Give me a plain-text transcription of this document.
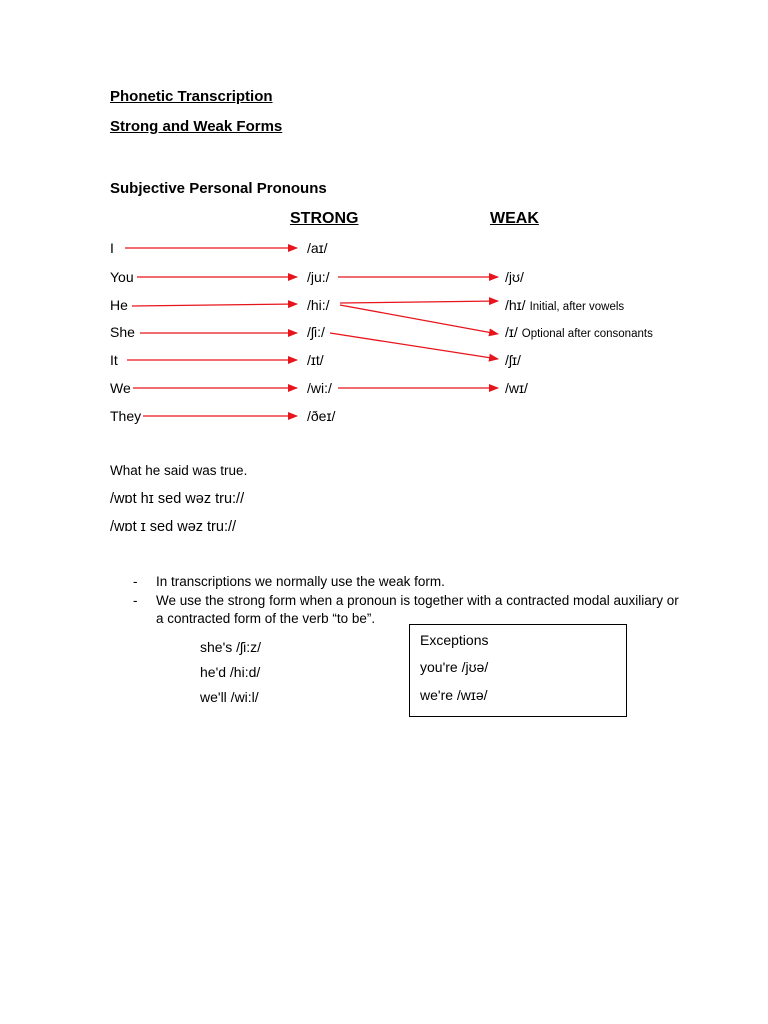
Phonetic Transcription
Strong and Weak Forms
Subjective Personal Pronouns
STRONG	WEAK
I
You
He
She
It
We
They
/aɪ/
/ju:/
/hi:/
/ʃi:/
/ɪt/
/wi:/
/ðeɪ/
/jʊ/
/hɪ/ Initial, after vowels
/ɪ/ Optional after consonants
/ʃɪ/
/wɪ/
What he said was true.
/wɒt hɪ sed wəz tru://
/wɒt ɪ sed wəz tru://
- In transcriptions we normally use the weak form.
- We use the strong form when a pronoun is together with a contracted modal auxiliary or
a contracted form of the verb “to be”.
she's /ʃi:z/
he'd /hi:d/
we'll /wi:l/
Exceptions
you're /jʊə/
we're /wɪə/
